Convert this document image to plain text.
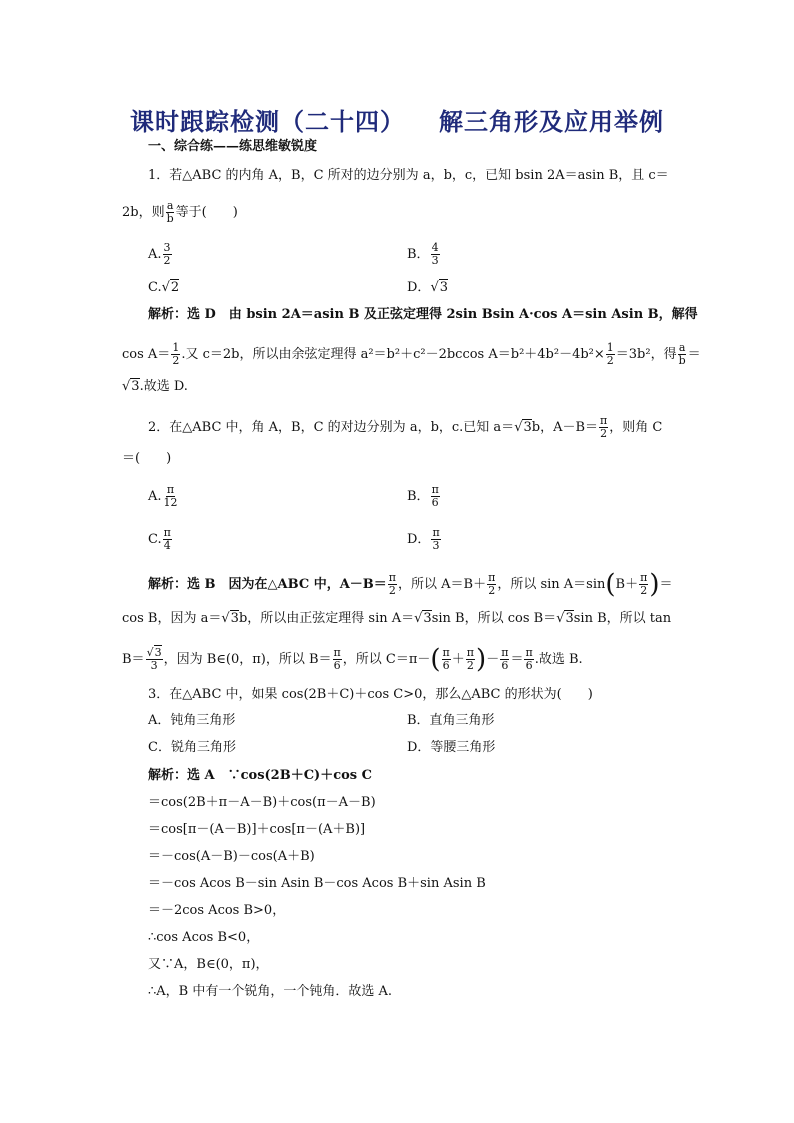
课时跟踪检测（二十四） 解三角形及应用举例
一、综合练——练思维敏锐度
1．若△ABC 的内角 A，B，C 所对的边分别为 a，b，c，已知 bsin 2A＝asin B，且 c＝
2b，则 $\frac{a}{b}$ 等于(　　)
A. $\frac{3}{2}$	B． $\frac{4}{3}$
C.√2	D．√3
解析：选 D　由 bsin 2A＝asin B 及正弦定理得 2sin Bsin A·cos A＝sin Asin B，解得
$\cos A= \frac{1}{2}$ .又 c＝2b，所以由余弦定理得 a²＝b²＋c²－2bccos $A=b^2+4b^2-4b^2\times \frac{1}{2} =3b^2$，得 $\frac{a}{b}$ ＝
√3.故选 D.
2．在△ABC 中，角 A，B，C 的对边分别为 a，b，c.已知 a＝√3b，$A-B= \frac{\pi}{2}$ ，则角 C
＝(　　)
A. $\frac{\pi}{12}$	B． $\frac{\pi}{6}$
C. $\frac{\pi}{4}$	D． $\frac{\pi}{3}$
解析：选 B　因为在△ABC 中，$A-B= \frac{\pi}{2}$ ，所以 $A=B+ \frac{\pi}{2}$ ，所以 $\sin A=\sin(B+ \frac{\pi}{2}$ )＝
cos B，因为 a＝√3b，所以由正弦定理得 sin A＝√3sin B，所以 cos B＝√3sin B，所以 tan
$B= \frac{√3}{3}$ ，因为 B∈(0，π)，所以 $B= \frac{\pi}{6}$ ，所以 $C=\pi-( \frac{\pi}{6} + \frac{\pi}{2}$ )－ $\frac{\pi}{6} = \frac{\pi}{6}$ .故选 B.
3．在△ABC 中，如果 cos(2B＋C)＋cos C>0，那么△ABC 的形状为(　　)
A．钝角三角形	B．直角三角形
C．锐角三角形	D．等腰三角形
解析：选 A　∵cos(2B＋C)＋cos C
＝cos(2B＋π－A－B)＋cos(π－A－B)
＝cos[π－(A－B)]＋cos[π－(A＋B)]
＝－cos(A－B)－cos(A＋B)
＝－cos Acos B－sin Asin B－cos Acos B＋sin Asin B
＝－2cos Acos B>0，
∴cos Acos B<0，
又∵A，B∈(0，π)，
∴A，B 中有一个锐角，一个钝角．故选 A.
